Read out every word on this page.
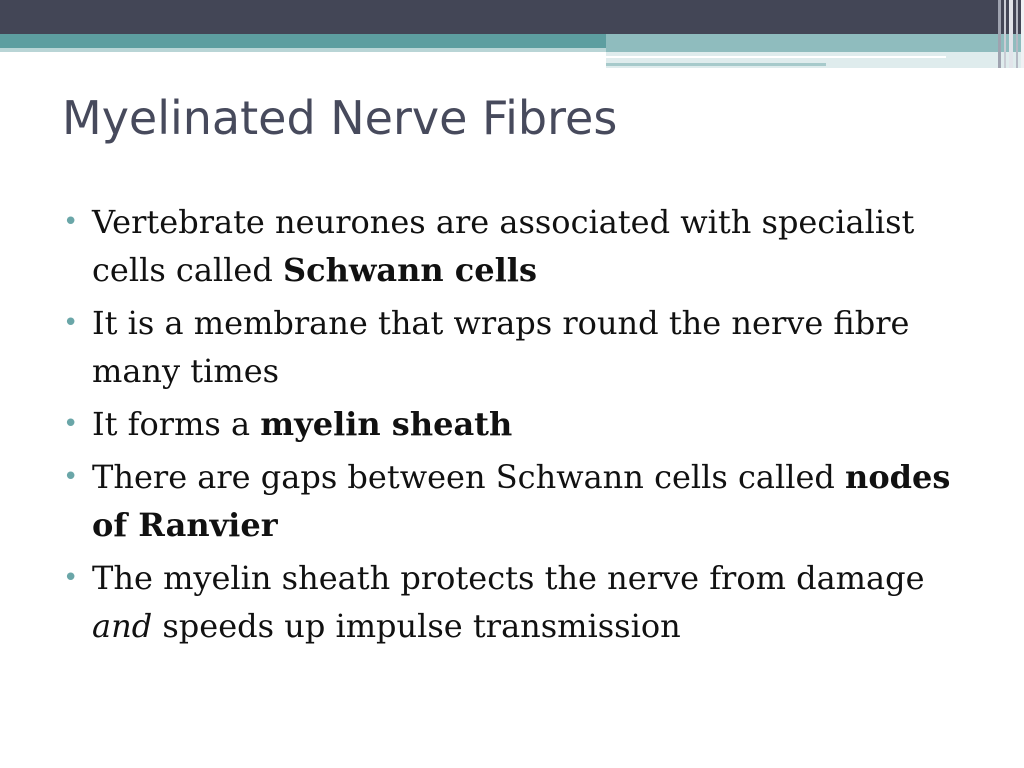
Myelinated Nerve Fibres
• Vertebrate neurones are associated with specialist cells called Schwann cells
• It is a membrane that wraps round the nerve fibre many times
• It forms a myelin sheath
• There are gaps between Schwann cells called nodes of Ranvier
• The myelin sheath protects the nerve from damage and speeds up impulse transmission
